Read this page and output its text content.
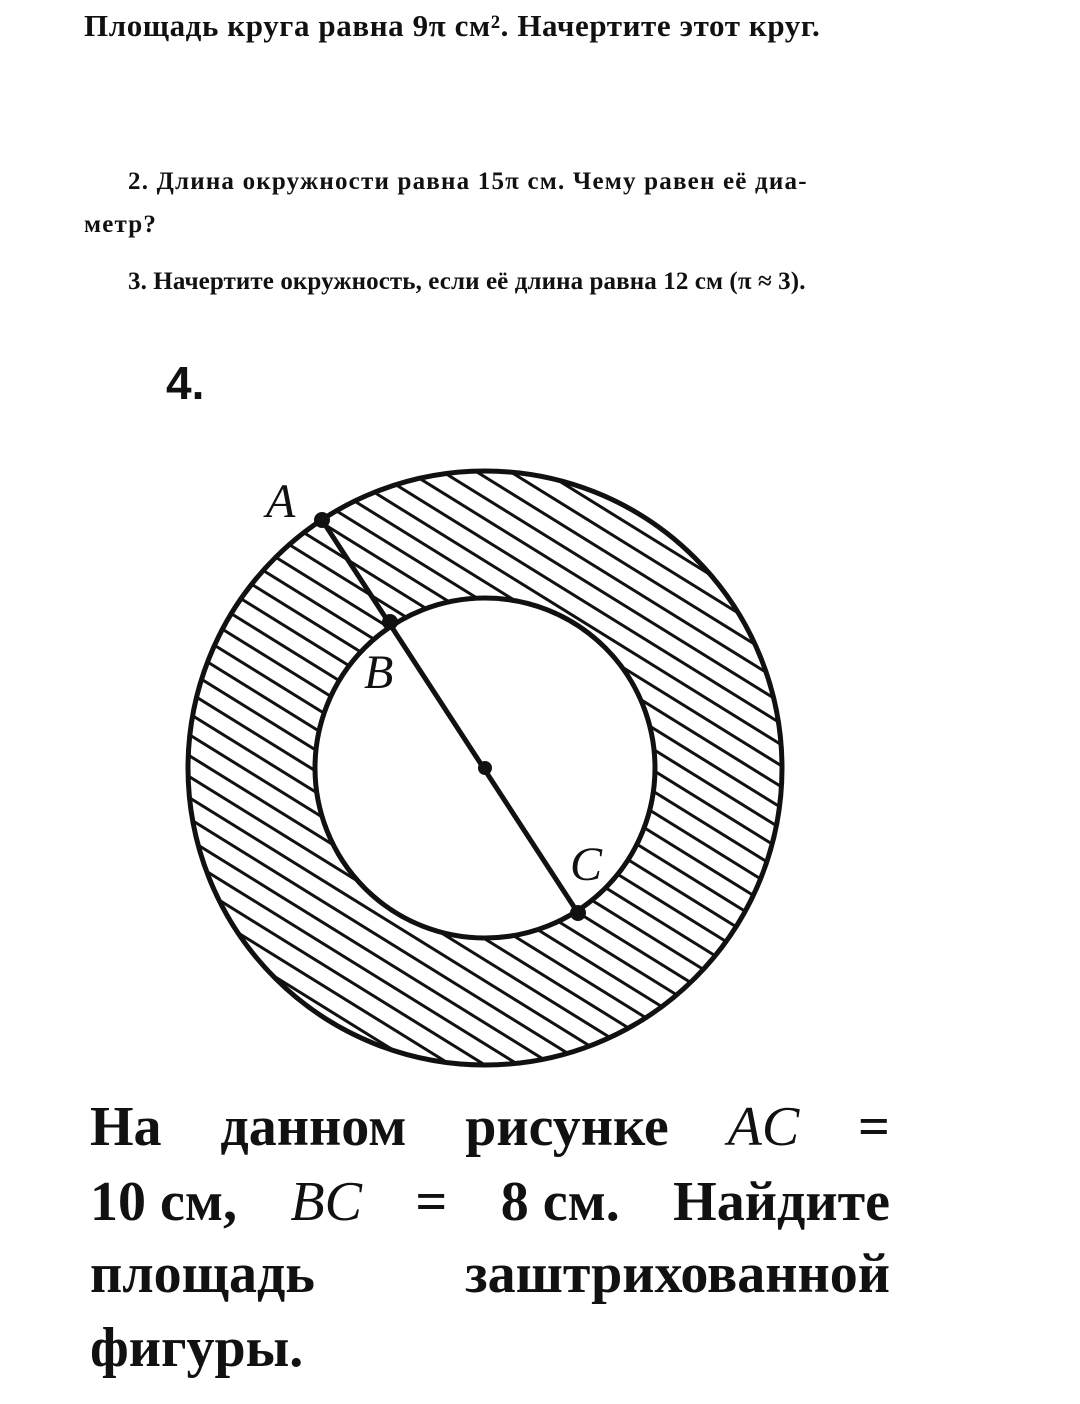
Площадь круга равна 9π см². Начертите этот круг.
2. Длина окружности равна 15π см. Чему равен её диа-
метр?
3. Начертите окружность, если её длина равна 12 см (π ≈ 3).
4.
A
B
C
На данном рисунке AC =
10 см, BC = 8 см. Найдите
площадь	заштрихованной
фигуры.
